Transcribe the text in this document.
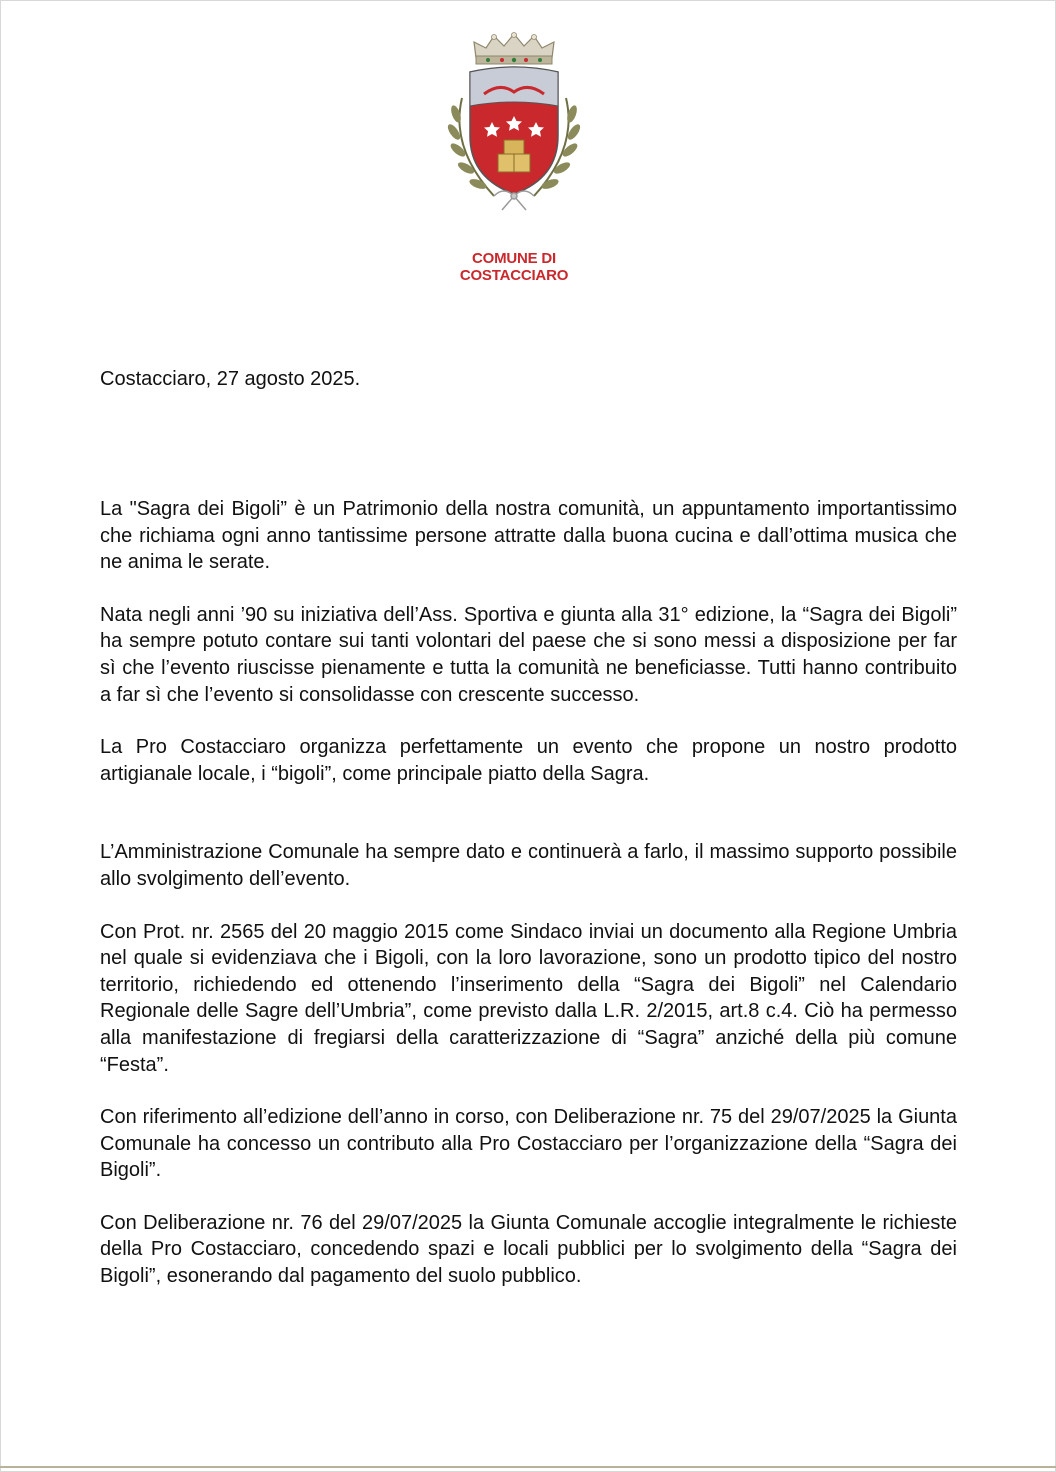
COMUNE DI
COSTACCIARO
Costacciaro, 27 agosto 2025.

La "Sagra dei Bigoli” è un Patrimonio della nostra comunità, un appuntamento importantissimo che richiama ogni anno tantissime persone attratte dalla buona cucina e dall’ottima musica che ne anima le serate.

Nata negli anni ’90 su iniziativa dell’Ass. Sportiva e giunta alla 31° edizione, la “Sagra dei Bigoli” ha sempre potuto contare sui tanti volontari del paese che si sono messi a disposizione per far sì che l’evento riuscisse pienamente e tutta la comunità ne beneficiasse. Tutti hanno contribuito a far sì che l’evento si consolidasse con crescente successo.

La Pro Costacciaro organizza perfettamente un evento che propone un nostro prodotto artigianale locale, i “bigoli”, come principale piatto della Sagra.

L’Amministrazione Comunale ha sempre dato e continuerà a farlo, il massimo supporto possibile allo svolgimento dell’evento.

Con Prot. nr. 2565 del 20 maggio 2015 come Sindaco inviai un documento alla Regione Umbria nel quale si evidenziava che i Bigoli, con la loro lavorazione, sono un prodotto tipico del nostro territorio, richiedendo ed ottenendo l’inserimento della “Sagra dei Bigoli” nel Calendario Regionale delle Sagre dell’Umbria”, come previsto dalla L.R. 2/2015, art.8 c.4. Ciò ha permesso alla manifestazione di fregiarsi della caratterizzazione di “Sagra” anziché della più comune “Festa”.

Con riferimento all’edizione dell’anno in corso, con Deliberazione nr. 75 del 29/07/2025 la Giunta Comunale ha concesso un contributo alla Pro Costacciaro per l’organizzazione della “Sagra dei Bigoli”.

Con Deliberazione nr. 76 del 29/07/2025 la Giunta Comunale accoglie integralmente le richieste della Pro Costacciaro, concedendo spazi e locali pubblici per lo svolgimento della “Sagra dei Bigoli”, esonerando dal pagamento del suolo pubblico.
